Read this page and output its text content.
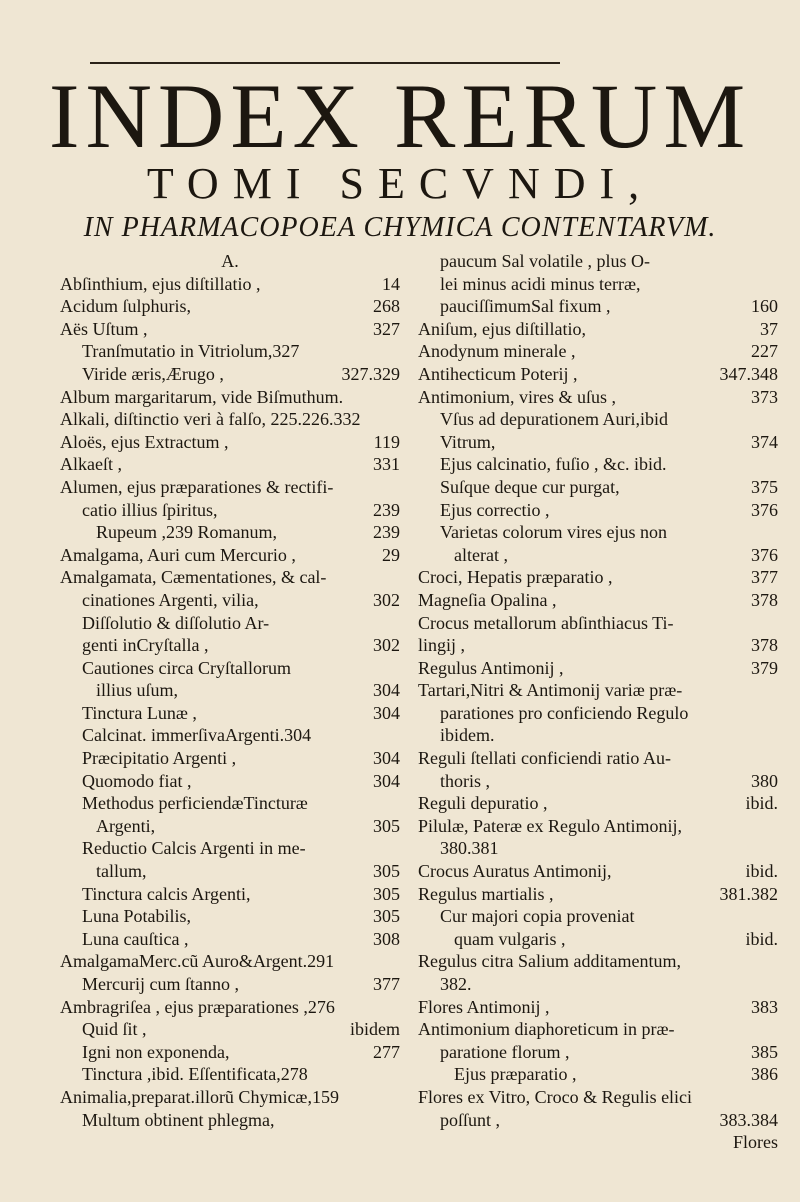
INDEX RERUM
TOMI SECVNDI,
IN PHARMACOPOEA CHYMICA CONTENTARVM.
A.
Abſinthium, ejus diſtillatio ,	14
Acidum ſulphuris,	268
Aës Uſtum ,	327
Tranſmutatio in Vitriolum,327
Viride æris,Ærugo ,	327.329
Album margaritarum, vide Biſmuthum.
Alkali, diſtinctio veri à falſo, 225.226.332
Aloës, ejus Extractum ,	119
Alkaeſt ,	331
Alumen, ejus præparationes & rectifi-
catio illius ſpiritus,	239
Rupeum ,239 Romanum,	239
Amalgama, Auri cum Mercurio ,	29
Amalgamata, Cæmentationes, & cal-
cinationes Argenti, vilia,	302
Diſſolutio & diſſolutio Ar-
genti inCryſtalla ,	302
Cautiones circa Cryſtallorum
illius uſum,	304
Tinctura Lunæ ,	304
Calcinat. immerſivaArgenti.304
Præcipitatio Argenti ,	304
Quomodo fiat ,	304
Methodus perficiendæTincturæ
Argenti,	305
Reductio Calcis Argenti in me-
tallum,	305
Tinctura calcis Argenti,	305
Luna Potabilis,	305
Luna cauſtica ,	308
AmalgamaMerc.cũ Auro&Argent.291
Mercurij cum ſtanno ,	377
Ambragriſea , ejus præparationes ,276
Quid ſit ,	ibidem
Igni non exponenda,	277
Tinctura ,ibid. Eſſentificata,278
Animalia,preparat.illorũ Chymicæ,159
Multum obtinent phlegma,
paucum Sal volatile , plus O-
lei minus acidi minus terræ,
pauciſſimumSal fixum ,	160
Aniſum, ejus diſtillatio,	37
Anodynum minerale ,	227
Antihecticum Poterij ,	347.348
Antimonium, vires & uſus ,	373
Vſus ad depurationem Auri,ibid
Vitrum,	374
Ejus calcinatio, fuſio , &c. ibid.
Suſque deque cur purgat,	375
Ejus correctio ,	376
Varietas colorum vires ejus non
alterat ,	376
Croci, Hepatis præparatio ,	377
Magneſia Opalina ,	378
Crocus metallorum abſinthiacus Ti-
lingij ,	378
Regulus Antimonij ,	379
Tartari,Nitri & Antimonij variæ præ-
parationes pro conficiendo Regulo
ibidem.
Reguli ſtellati conficiendi ratio Au-
thoris ,	380
Reguli depuratio ,	ibid.
Pilulæ, Pateræ ex Regulo Antimonij,
380.381
Crocus Auratus Antimonij,	ibid.
Regulus martialis ,	381.382
Cur majori copia proveniat
quam vulgaris ,	ibid.
Regulus citra Salium additamentum,
382.
Flores Antimonij ,	383
Antimonium diaphoreticum in præ-
paratione florum ,	385
Ejus præparatio ,	386
Flores ex Vitro, Croco & Regulis elici
poſſunt ,	383.384
Flores
